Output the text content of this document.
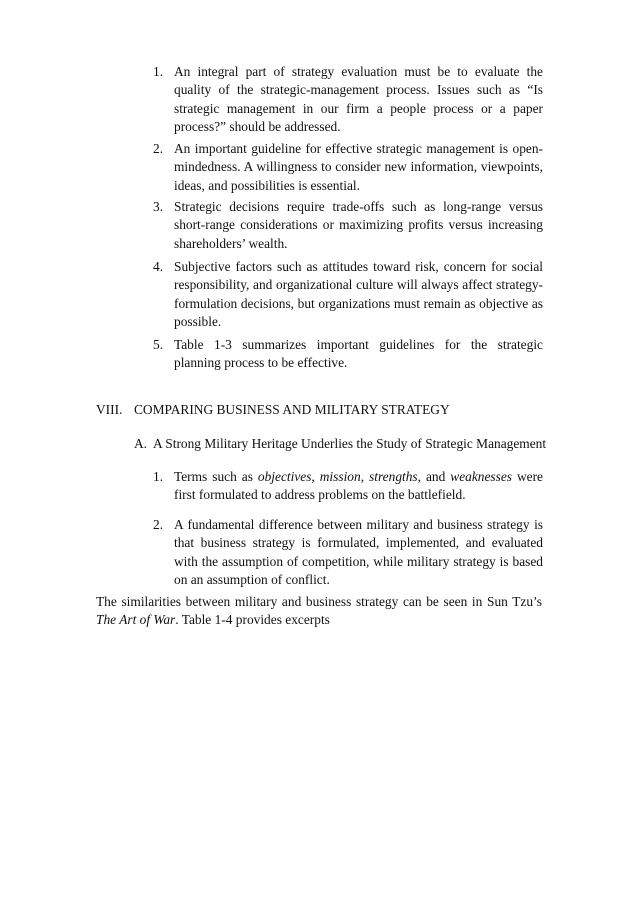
1. An integral part of strategy evaluation must be to evaluate the quality of the strategic-management process. Issues such as “Is strategic management in our firm a people process or a paper process?” should be addressed.
2. An important guideline for effective strategic management is open-mindedness. A willingness to consider new information, viewpoints, ideas, and possibilities is essential.
3. Strategic decisions require trade-offs such as long-range versus short-range considerations or maximizing profits versus increasing shareholders’ wealth.
4. Subjective factors such as attitudes toward risk, concern for social responsibility, and organizational culture will always affect strategy-formulation decisions, but organizations must remain as objective as possible.
5. Table 1-3 summarizes important guidelines for the strategic planning process to be effective.
VIII. COMPARING BUSINESS AND MILITARY STRATEGY
A. A Strong Military Heritage Underlies the Study of Strategic Management
1. Terms such as objectives, mission, strengths, and weaknesses were first formulated to address problems on the battlefield.
2. A fundamental difference between military and business strategy is that business strategy is formulated, implemented, and evaluated with the assumption of competition, while military strategy is based on an assumption of conflict.
The similarities between military and business strategy can be seen in Sun Tzu’s The Art of War. Table 1-4 provides excerpts
